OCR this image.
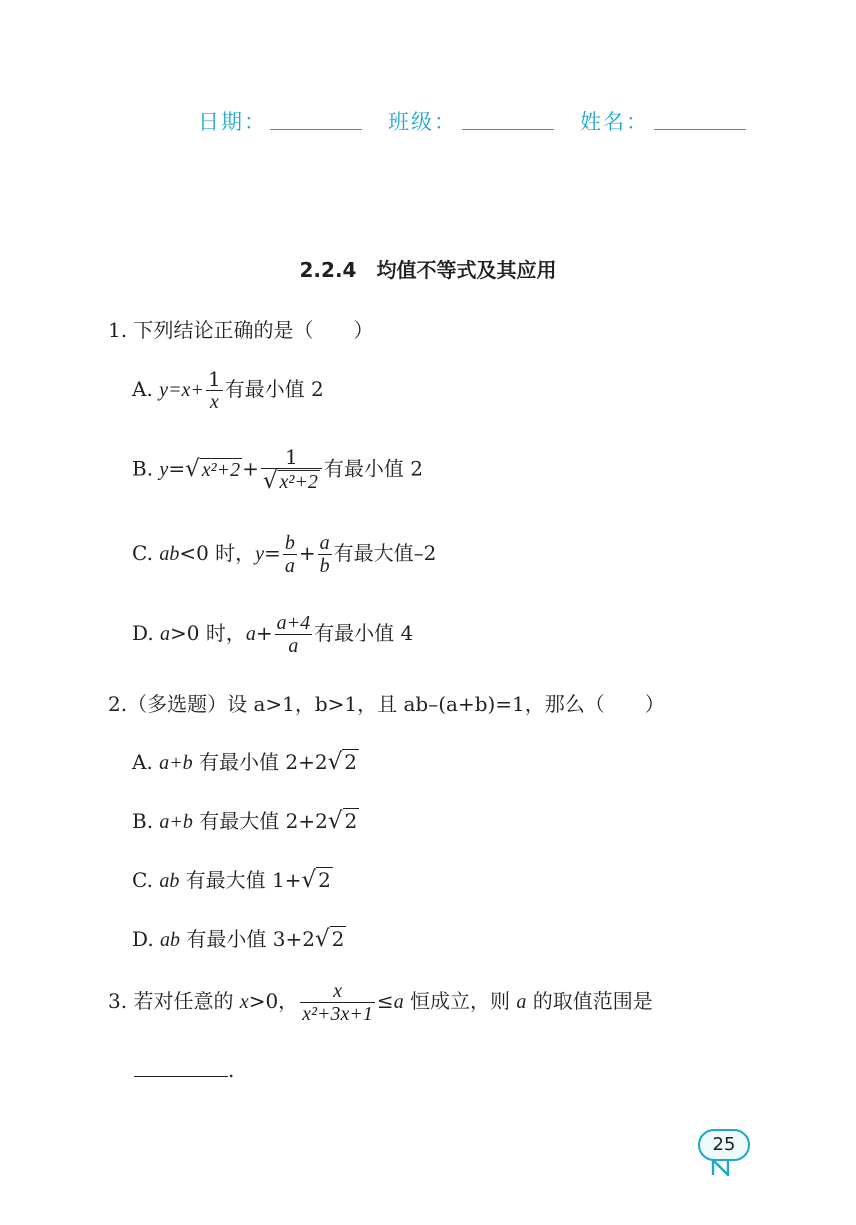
日期：	班级：	姓名：
2.2.4　均值不等式及其应用
1. 下列结论正确的是（　　）
A. $y=x+ \frac{1}{x}$ 有最小值 2
B. y=√ $x^2+2 + \frac{1}{\text{√ x²+2}}$ 有最小值 2
C. ab<0 时，$y= \frac{b}{a} + \frac{a}{b}$ 有最大值–2
D. a>0 时，$a+ \frac{a+4}{a}$ 有最小值 4
2.（多选题）设 a>1，b>1，且 ab–(a+b)=1，那么（　　）
A. a+b 有最小值 2+2√ 2
B. a+b 有最大值 2+2√ 2
C. ab 有最大值 1+√ 2
D. ab 有最小值 3+2√ 2
3. 若对任意的 x>0， $\frac{x}{\text{x²+3x+1}} \le a$ 恒成立，则 a 的取值范围是
.
25
